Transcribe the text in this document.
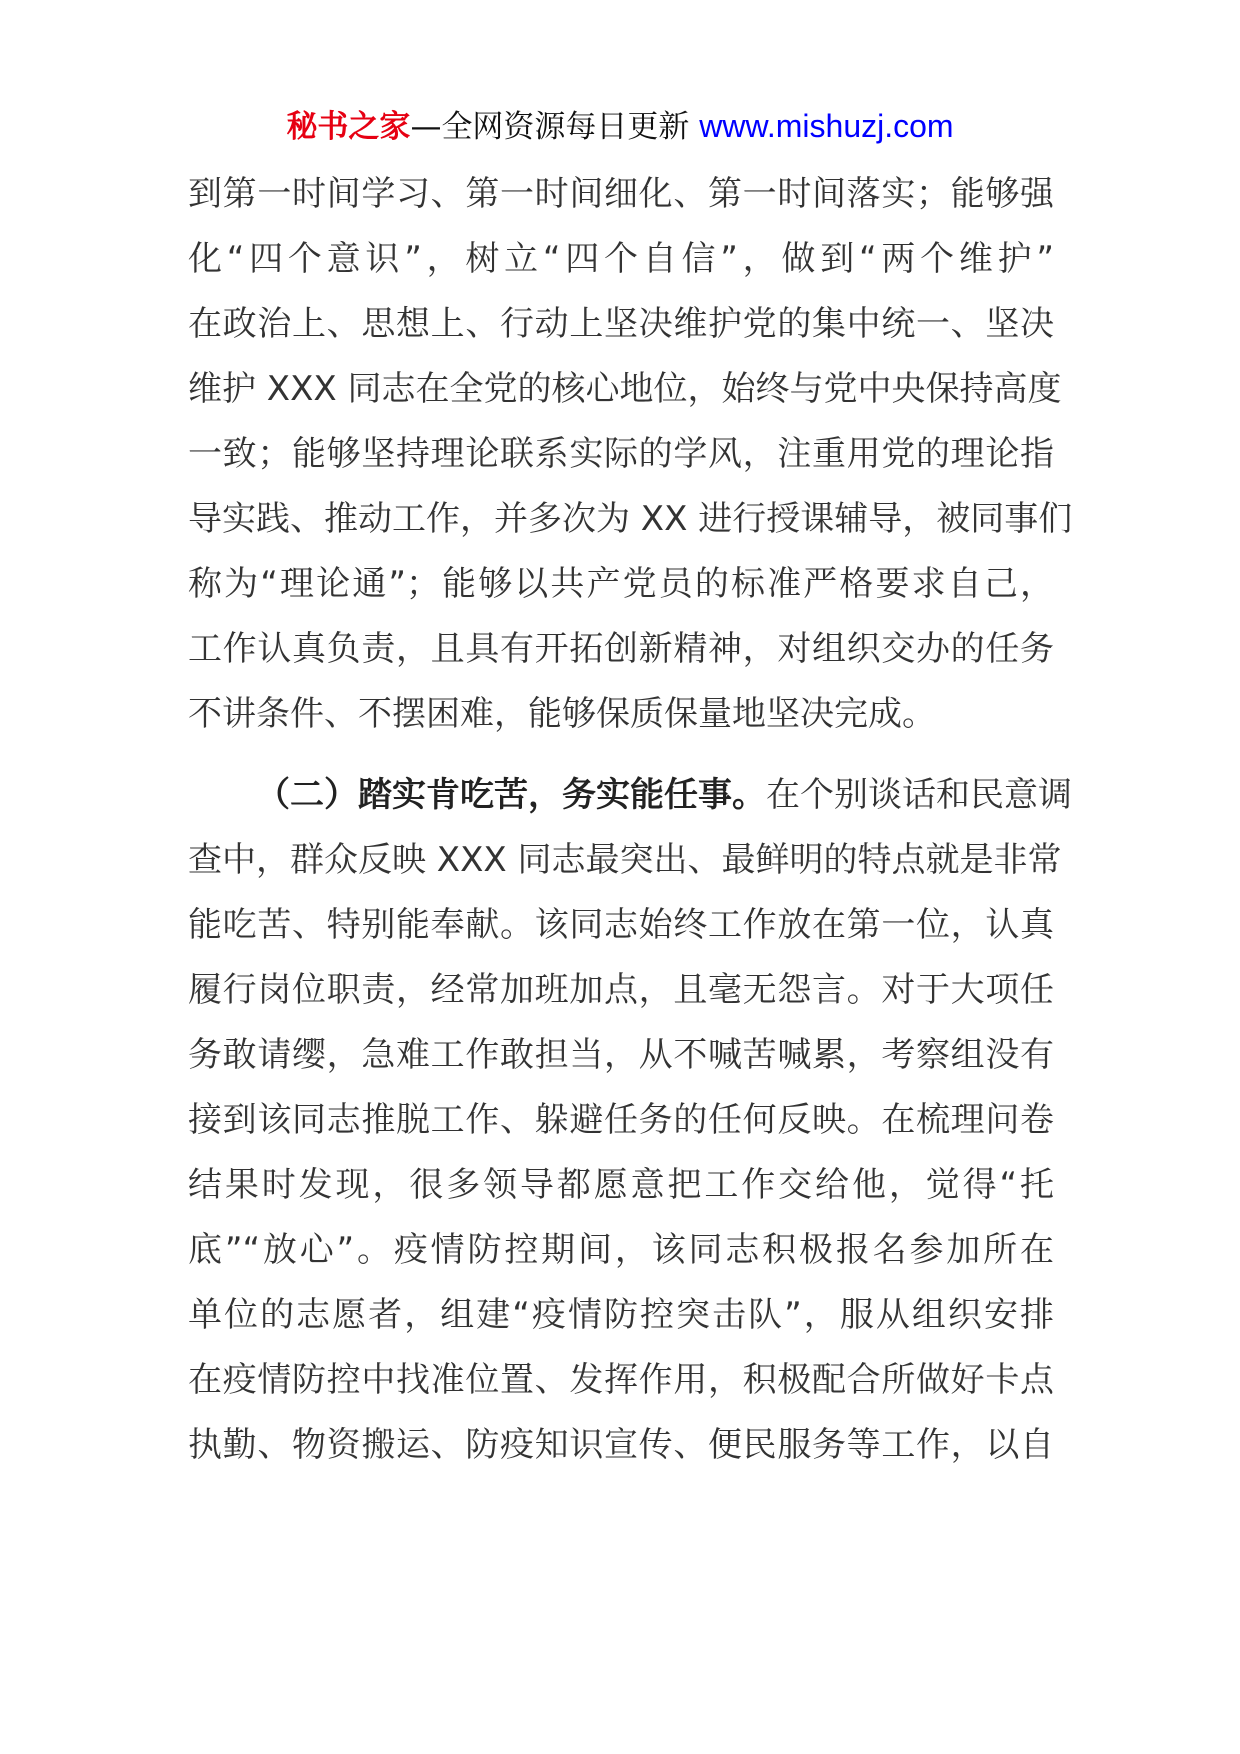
秘书之家—全网资源每日更新 www.mishuzj.com
到第一时间学习、第一时间细化、第一时间落实；能够强
化“四个意识”，树立“四个自信”，做到“两个维护”
在政治上、思想上、行动上坚决维护党的集中统一、坚决
维护 XXX 同志在全党的核心地位，始终与党中央保持高度
一致；能够坚持理论联系实际的学风，注重用党的理论指
导实践、推动工作，并多次为 XX 进行授课辅导，被同事们
称为“理论通”；能够以共产党员的标准严格要求自己，
工作认真负责，且具有开拓创新精神，对组织交办的任务
不讲条件、不摆困难，能够保质保量地坚决完成。
（二）踏实肯吃苦，务实能任事。在个别谈话和民意调
查中，群众反映 XXX 同志最突出、最鲜明的特点就是非常
能吃苦、特别能奉献。该同志始终工作放在第一位，认真
履行岗位职责，经常加班加点，且毫无怨言。对于大项任
务敢请缨，急难工作敢担当，从不喊苦喊累，考察组没有
接到该同志推脱工作、躲避任务的任何反映。在梳理问卷
结果时发现，很多领导都愿意把工作交给他，觉得“托
底”“放心”。疫情防控期间，该同志积极报名参加所在
单位的志愿者，组建“疫情防控突击队”，服从组织安排
在疫情防控中找准位置、发挥作用，积极配合所做好卡点
执勤、物资搬运、防疫知识宣传、便民服务等工作，以自
